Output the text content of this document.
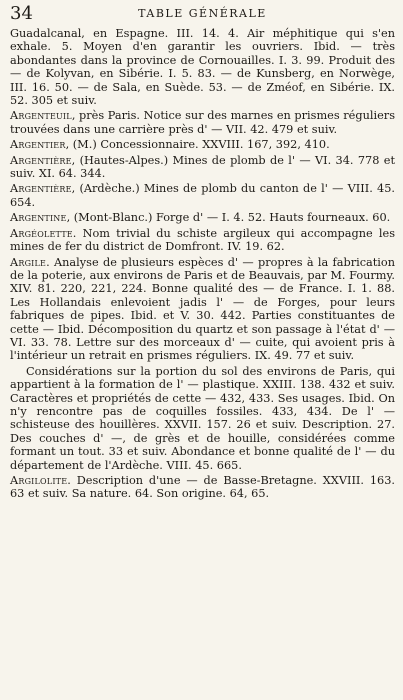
34	TABLE GÉNÉRALE

Guadalcanal, en Espagne. III. 14. 4. Air méphitique qui s'en exhale. 5. Moyen d'en garantir les ouvriers. Ibid. — très abondantes dans la province de Cornouailles. I. 3. 99. Produit des — de Kolyvan, en Sibérie. I. 5. 83. — de Kunsberg, en Norwège, III. 16. 50. — de Sala, en Suède. 53. — de Zméof, en Sibérie. IX. 52. 305 et suiv.

Argenteuil, près Paris. Notice sur des marnes en prismes réguliers trouvées dans une carrière près d' — VII. 42. 479 et suiv.

Argentier, (M.) Concessionnaire. XXVIII. 167, 392, 410.

Argentière, (Hautes-Alpes.) Mines de plomb de l' — VI. 34. 778 et suiv. XI. 64. 344.

Argentière, (Ardèche.) Mines de plomb du canton de l' — VIII. 45. 654.

Argentine, (Mont-Blanc.) Forge d' — I. 4. 52. Hauts fourneaux. 60.

Argéolette. Nom trivial du schiste argileux qui accompagne les mines de fer du district de Domfront. IV. 19. 62.

Argile. Analyse de plusieurs espèces d' — propres à la fabrication de la poterie, aux environs de Paris et de Beauvais, par M. Fourmy. XIV. 81. 220, 221, 224. Bonne qualité des — de France. I. 1. 88. Les Hollandais enlevoient jadis l' — de Forges, pour leurs fabriques de pipes. Ibid. et V. 30. 442. Parties constituantes de cette — Ibid. Décomposition du quartz et son passage à l'état d' — VI. 33. 78. Lettre sur des morceaux d' — cuite, qui avoient pris à l'intérieur un retrait en prismes réguliers. IX. 49. 77 et suiv.

Considérations sur la portion du sol des environs de Paris, qui appartient à la formation de l' — plastique. XXIII. 138. 432 et suiv. Caractères et propriétés de cette — 432, 433. Ses usages. Ibid. On n'y rencontre pas de coquilles fossiles. 433, 434. De l' — schisteuse des houillères. XXVII. 157. 26 et suiv. Description. 27. Des couches d' —, de grès et de houille, considérées comme formant un tout. 33 et suiv. Abondance et bonne qualité de l' — du département de l'Ardèche. VIII. 45. 665.

Argilolite. Description d'une — de Basse-Bretagne. XXVIII. 163. 63 et suiv. Sa nature. 64. Son origine. 64, 65.
